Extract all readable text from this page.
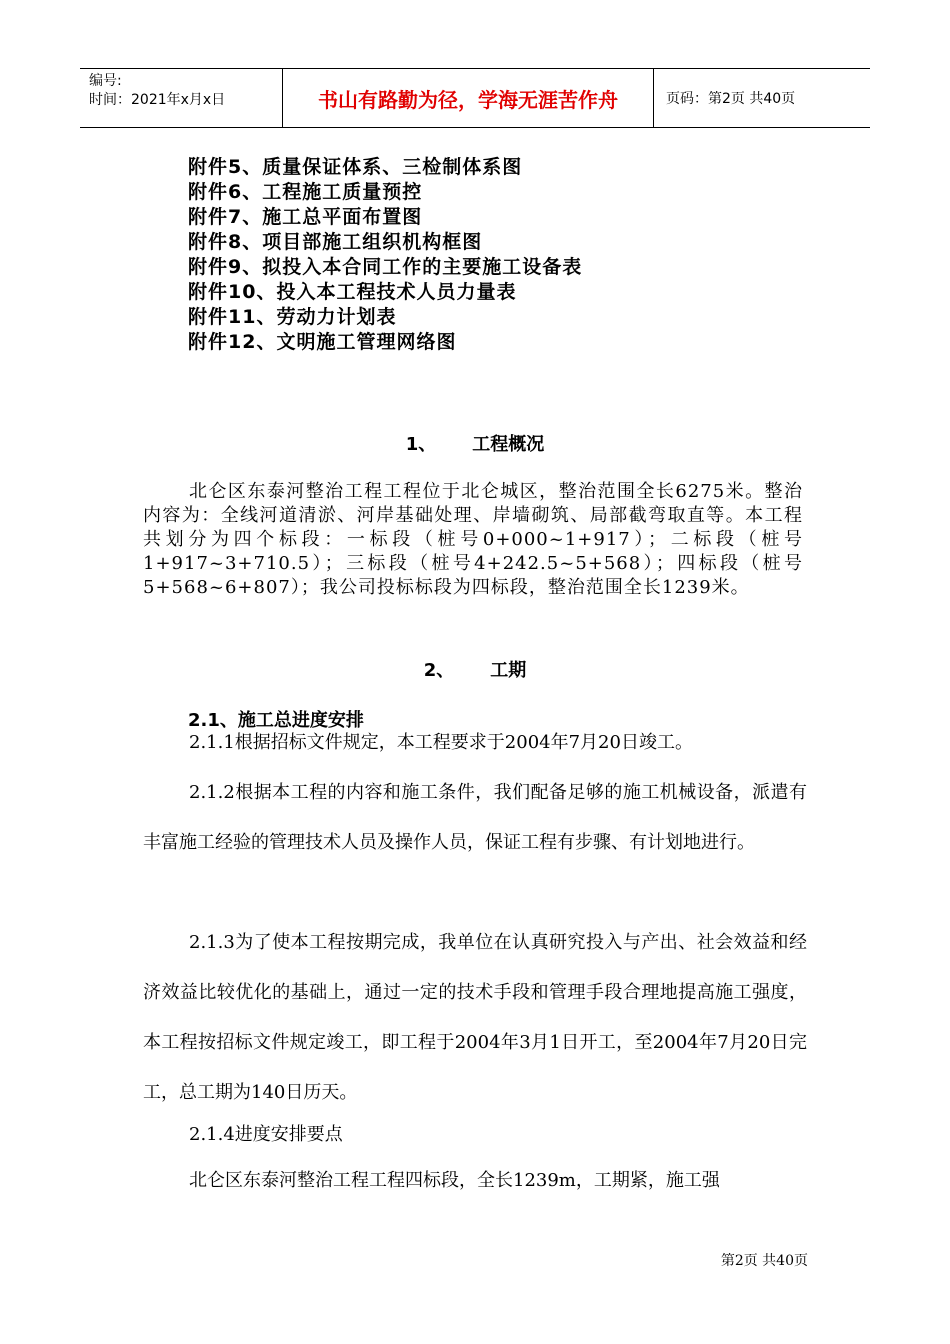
编号:
时间：2021年x月x日	书山有路勤为径，学海无涯苦作舟	页码：第2页 共40页
附件5、质量保证体系、三检制体系图
附件6、工程施工质量预控
附件7、施工总平面布置图
附件8、项目部施工组织机构框图
附件9、拟投入本合同工作的主要施工设备表
附件10、投入本工程技术人员力量表
附件11、劳动力计划表
附件12、文明施工管理网络图
1、 工程概况

北仑区东泰河整治工程工程位于北仑城区，整治范围全长6275米。整治内容为：全线河道清淤、河岸基础处理、岸墙砌筑、局部截弯取直等。本工程共划分为四个标段：一标段（桩号0+000~1+917）；二标段（桩号1+917~3+710.5）；三标段（桩号4+242.5~5+568）；四标段（桩号5+568~6+807）；我公司投标标段为四标段，整治范围全长1239米。

2、 工期
2.1、施工总进度安排

2.1.1根据招标文件规定，本工程要求于2004年7月20日竣工。

2.1.2根据本工程的内容和施工条件，我们配备足够的施工机械设备，派遣有丰富施工经验的管理技术人员及操作人员，保证工程有步骤、有计划地进行。

2.1.3为了使本工程按期完成，我单位在认真研究投入与产出、社会效益和经济效益比较优化的基础上，通过一定的技术手段和管理手段合理地提高施工强度，本工程按招标文件规定竣工，即工程于2004年3月1日开工，至2004年7月20日完工，总工期为140日历天。

2.1.4进度安排要点

北仑区东泰河整治工程工程四标段，全长1239m，工期紧，施工强

第2页 共40页
